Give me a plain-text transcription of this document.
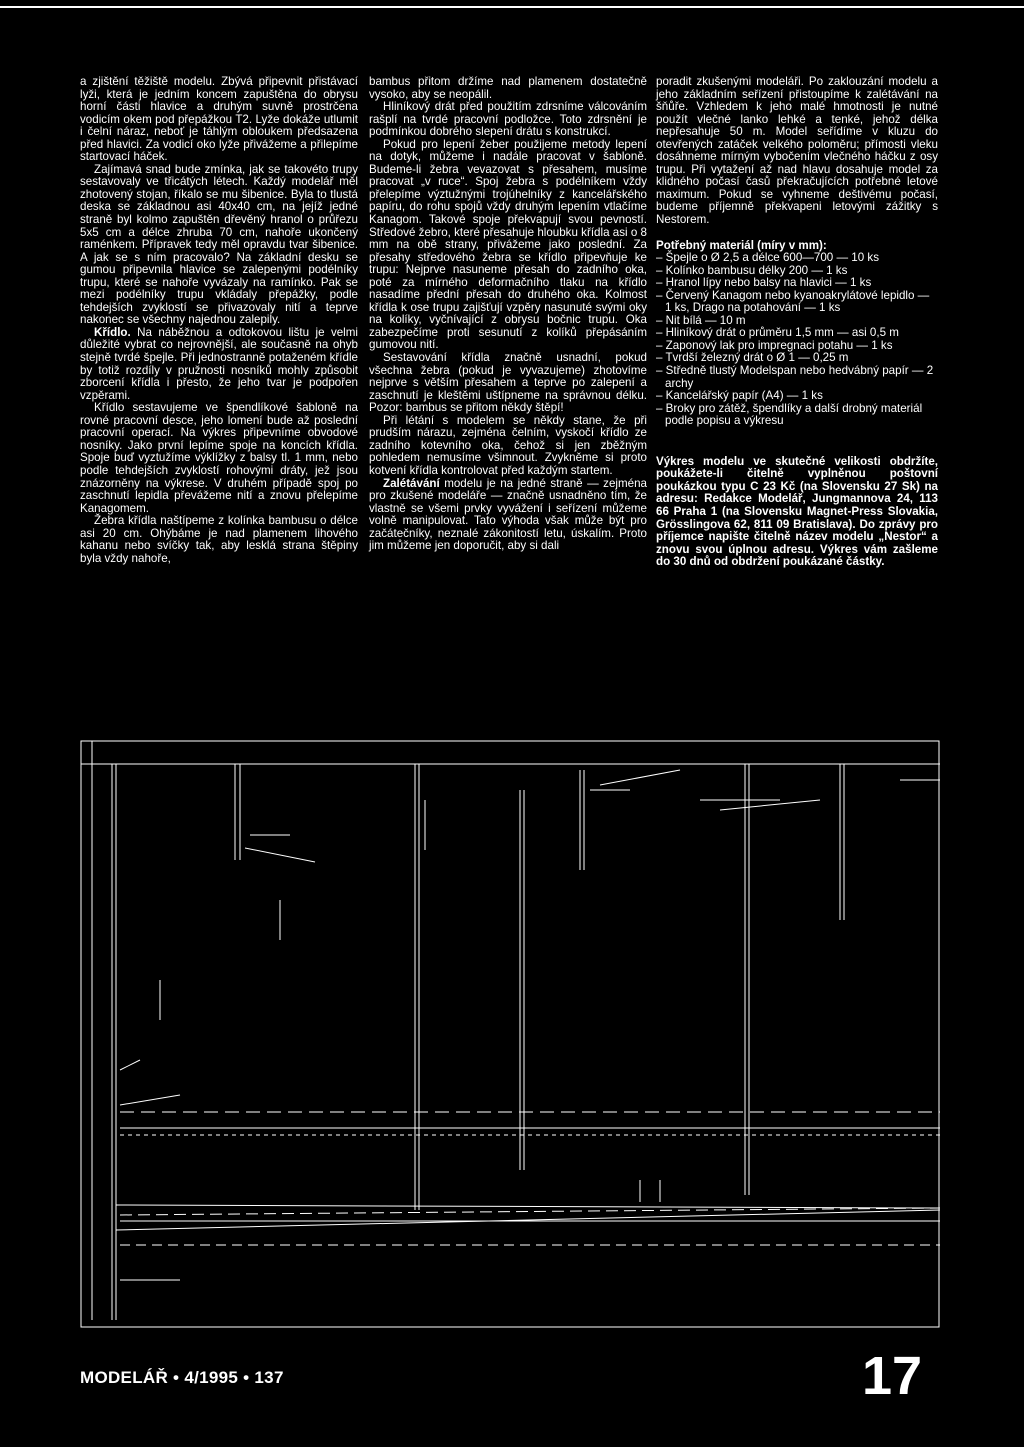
a zjištění těžiště modelu. Zbývá připevnit přistávací lyži, která je jedním koncem zapuštěna do obrysu horní části hlavice a druhým suvně prostrčena vodicím okem pod přepážkou T2. Lyže dokáže utlumit i čelní náraz, neboť je táhlým obloukem předsazena před hlavici. Za vodicí oko lyže přivážeme a přilepíme startovací háček.

Zajímavá snad bude zmínka, jak se takovéto trupy sestavovaly ve třicátých létech. Každý modelář měl zhotovený stojan, říkalo se mu šibenice. Byla to tlustá deska se základnou asi 40x40 cm, na jejíž jedné straně byl kolmo zapuštěn dřevěný hranol o průřezu 5x5 cm a délce zhruba 70 cm, nahoře ukončený raménkem. Přípravek tedy měl opravdu tvar šibenice. A jak se s ním pracovalo? Na základní desku se gumou připevnila hlavice se zalepenými podélníky trupu, které se nahoře vyvázaly na ramínko. Pak se mezi podélníky trupu vkládaly přepážky, podle tehdejších zvyklostí se přivazovaly nití a teprve nakonec se všechny najednou zalepily.

Křídlo. Na náběžnou a odtokovou lištu je velmi důležité vybrat co nejrovnější, ale současně na ohyb stejně tvrdé špejle. Při jednostranně potaženém křídle by totiž rozdíly v pružnosti nosníků mohly způsobit zborcení křídla i přesto, že jeho tvar je podpořen vzpěrami.

Křídlo sestavujeme ve špendlíkové šabloně na rovné pracovní desce, jeho lomení bude až poslední pracovní operací. Na výkres připevníme obvodové nosníky. Jako první lepíme spoje na koncích křídla. Spoje buď vyztužíme výklížky z balsy tl. 1 mm, nebo podle tehdejších zvyklostí rohovými dráty, jež jsou znázorněny na výkrese. V druhém případě spoj po zaschnutí lepidla převážeme nití a znovu přelepíme Kanagomem.

Žebra křídla naštípeme z kolínka bambusu o délce asi 20 cm. Ohýbáme je nad plamenem lihového kahanu nebo svíčky tak, aby lesklá strana štěpiny byla vždy nahoře,

bambus přitom držíme nad plamenem dostatečně vysoko, aby se neopálil.

Hliníkový drát před použitím zdrsníme válcováním rašplí na tvrdé pracovní podložce. Toto zdrsnění je podmínkou dobrého slepení drátu s konstrukcí.

Pokud pro lepení žeber použijeme metody lepení na dotyk, můžeme i nadále pracovat v šabloně. Budeme-li žebra vevazovat s přesahem, musíme pracovat „v ruce“. Spoj žebra s podélníkem vždy přelepíme výztužnými trojúhelníky z kancelářského papíru, do rohu spojů vždy druhým lepením vtlačíme Kanagom. Takové spoje překvapují svou pevností. Středové žebro, které přesahuje hloubku křídla asi o 8 mm na obě strany, přivážeme jako poslední. Za přesahy středového žebra se křídlo připevňuje ke trupu: Nejprve nasuneme přesah do zadního oka, poté za mírného deformačního tlaku na křídlo nasadíme přední přesah do druhého oka. Kolmost křídla k ose trupu zajišťují vzpěry nasunuté svými oky na kolíky, vyčnívající z obrysu bočnic trupu. Oka zabezpečíme proti sesunutí z kolíků přepásáním gumovou nití.

Sestavování křídla značně usnadní, pokud všechna žebra (pokud je vyvazujeme) zhotovíme nejprve s větším přesahem a teprve po zalepení a zaschnutí je kleštěmi uštípneme na správnou délku. Pozor: bambus se přitom někdy štěpí!

Při létání s modelem se někdy stane, že při prudším nárazu, zejména čelním, vyskočí křídlo ze zadního kotevního oka, čehož si jen zběžným pohledem nemusíme všimnout. Zvykněme si proto kotvení křídla kontrolovat před každým startem.

Zalétávání modelu je na jedné straně — zejména pro zkušené modeláře — značně usnadněno tím, že vlastně se všemi prvky vyvážení i seřízení můžeme volně manipulovat. Tato výhoda však může být pro začátečníky, neznalé zákonitostí letu, úskalím. Proto jim můžeme jen doporučit, aby si dali

poradit zkušenými modeláři. Po zaklouzání modelu a jeho základním seřízení přistoupíme k zalétávání na šňůře. Vzhledem k jeho malé hmotnosti je nutné použít vlečné lanko lehké a tenké, jehož délka nepřesahuje 50 m. Model seřídíme v kluzu do otevřených zatáček velkého poloměru; přímosti vleku dosáhneme mírným vybočením vlečného háčku z osy trupu. Při vytažení až nad hlavu dosahuje model za klidného počasí časů překračujících potřebné letové maximum. Pokud se vyhneme deštivému počasí, budeme příjemně překvapeni letovými zážitky s Nestorem.

Potřebný materiál (míry v mm):

– Špejle o Ø 2,5 a délce 600—700 — 10 ks
– Kolínko bambusu délky 200 — 1 ks
– Hranol lípy nebo balsy na hlavici — 1 ks
– Červený Kanagom nebo kyanoakrylátové lepidlo — 1 ks, Drago na potahování — 1 ks
– Nit bílá — 10 m
– Hliníkový drát o průměru 1,5 mm — asi 0,5 m
– Zaponový lak pro impregnaci potahu — 1 ks
– Tvrdší železný drát o Ø 1 — 0,25 m
– Středně tlustý Modelspan nebo hedvábný papír — 2 archy
– Kancelářský papír (A4) — 1 ks
– Broky pro zátěž, špendlíky a další drobný materiál podle popisu a výkresu

Výkres modelu ve skutečné velikosti obdržíte, poukážete-li čitelně vyplněnou poštovní poukázkou typu C 23 Kč (na Slovensku 27 Sk) na adresu: Redakce Modelář, Jungmannova 24, 113 66 Praha 1 (na Slovensku Magnet-Press Slovakia, Grösslingova 62, 811 09 Bratislava). Do zprávy pro příjemce napište čitelně název modelu „Nestor“ a znovu svou úplnou adresu. Výkres vám zašleme do 30 dnů od obdržení poukázané částky.

MODELÁŘ • 4/1995 • 137	17
